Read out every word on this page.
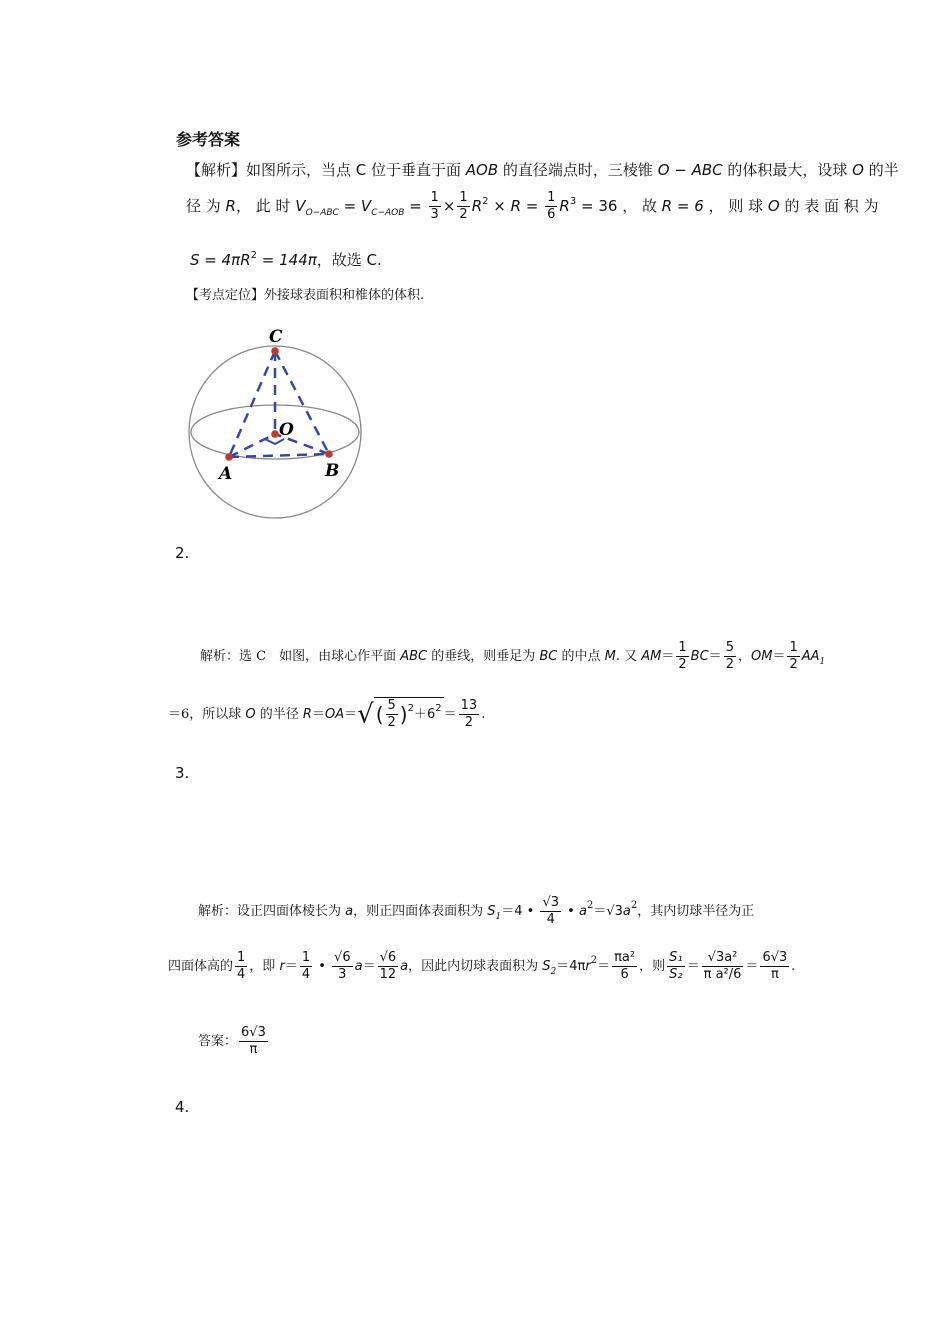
参考答案
【解析】如图所示，当点 C 位于垂直于面 AOB 的直径端点时，三棱锥 O − ABC 的体积最大，设球 O 的半
径 为 R， 此 时 $V_{O-ABC} = V_{C-AOB} = \frac{1}{3} \times \frac{1}{2} R^2 \times R = \frac{1}{6} R^3 = 36$ ， 故 R = 6 ， 则 球 O 的 表 面 积 为
$S = 4\pi R^2 = 144\pi$，故选 C.
【考点定位】外接球表面积和椎体的体积.
C
O
A	B
2.
解析：选 C　如图，由球心作平面 ABC 的垂线，则垂足为 BC 的中点 M. 又 $AM= \frac{1}{2} BC= \frac{5}{2}$ ，$OM= \frac{1}{2} AA_1$
＝6，所以球 O 的半径 R＝OA＝√ ( $\frac{5}{2} )^2+6^2 = \frac{13}{2}$ .
3.
解析：设正四面体棱长为 a，则正四面体表面积为 $S_1=4$ • $\frac{√3}{4}$ • $a^2=√3a^2$，其内切球半径为正
四面体高的 $\frac{1}{4}$ ，即 $r= \frac{1}{4}$ • $\frac{√6}{3} a= \frac{√6}{12}$ a，因此内切球表面积为 $S_2=4\pi r^2= \frac{\text{πa²}}{6}$ ，则 $\frac{\text{S₁}}{\text{S₂}} = \frac{\text{√3a²}}{\text{π a²/6}} = \frac{6√3}{\pi}$ .
答案： $\frac{6√3}{\pi}$
4.
